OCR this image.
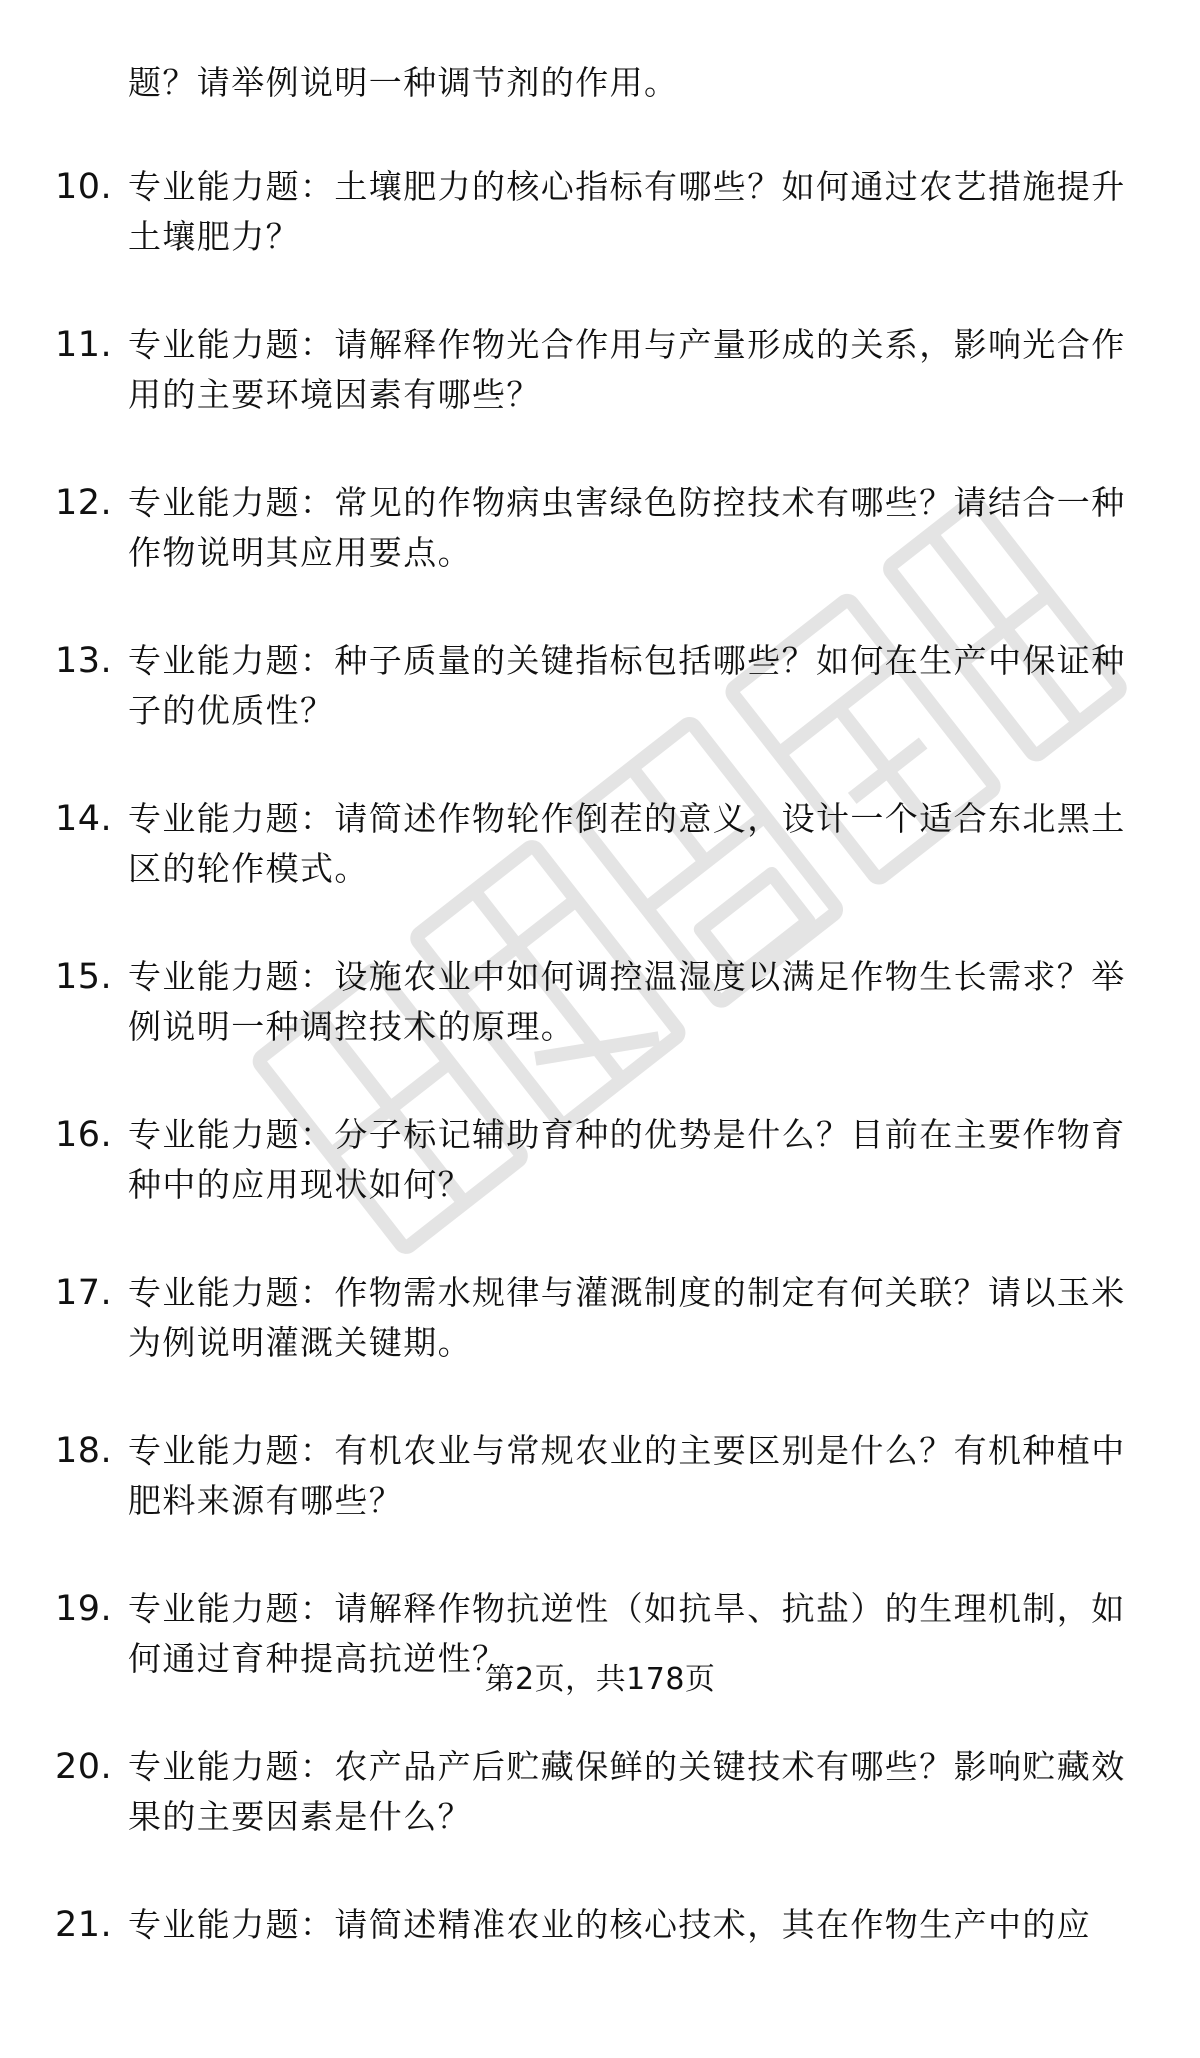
题？请举例说明一种调节剂的作用。
10. 专业能力题：土壤肥力的核心指标有哪些？如何通过农艺措施提升土壤肥力？
11. 专业能力题：请解释作物光合作用与产量形成的关系，影响光合作用的主要环境因素有哪些？
12. 专业能力题：常见的作物病虫害绿色防控技术有哪些？请结合一种作物说明其应用要点。
13. 专业能力题：种子质量的关键指标包括哪些？如何在生产中保证种子的优质性？
14. 专业能力题：请简述作物轮作倒茬的意义，设计一个适合东北黑土区的轮作模式。
15. 专业能力题：设施农业中如何调控温湿度以满足作物生长需求？举例说明一种调控技术的原理。
16. 专业能力题：分子标记辅助育种的优势是什么？目前在主要作物育种中的应用现状如何？
17. 专业能力题：作物需水规律与灌溉制度的制定有何关联？请以玉米为例说明灌溉关键期。
18. 专业能力题：有机农业与常规农业的主要区别是什么？有机种植中肥料来源有哪些？
19. 专业能力题：请解释作物抗逆性（如抗旱、抗盐）的生理机制，如何通过育种提高抗逆性？
20. 专业能力题：农产品产后贮藏保鲜的关键技术有哪些？影响贮藏效果的主要因素是什么？
21. 专业能力题：请简述精准农业的核心技术，其在作物生产中的应
第2页，共178页
